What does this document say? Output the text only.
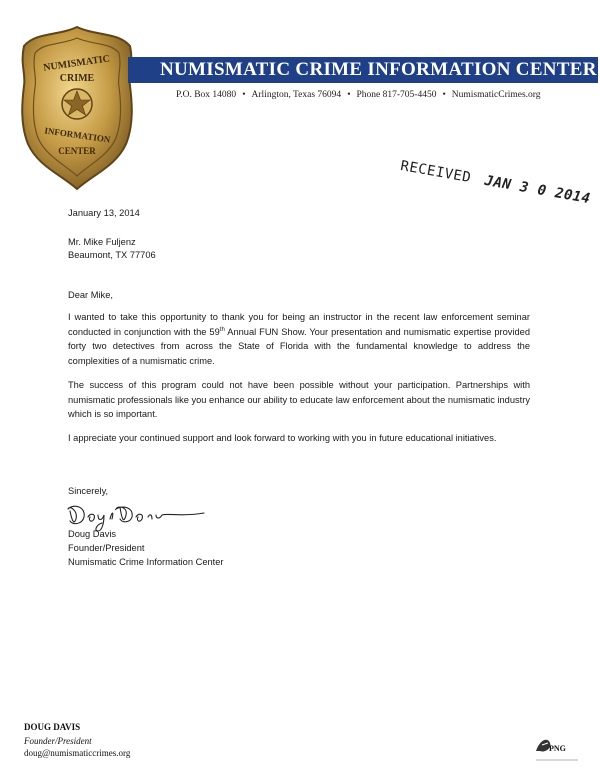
NUMISMATIC
CRIME
INFORMATION
CENTER
NUMISMATIC CRIME INFORMATION CENTER
P.O. Box 14080 • Arlington, Texas 76094 • Phone 817-705-4450 • NumismaticCrimes.org
RECEIVEDJAN 3 0 2014
January 13, 2014
Mr. Mike Fuljenz
Beaumont, TX 77706
Dear Mike,

I wanted to take this opportunity to thank you for being an instructor in the recent law enforcement seminar conducted in conjunction with the 59th Annual FUN Show. Your presentation and numismatic expertise provided forty two detectives from across the State of Florida with the fundamental knowledge to address the complexities of a numismatic crime.

The success of this program could not have been possible without your participation. Partnerships with numismatic professionals like you enhance our ability to educate law enforcement about the numismatic industry which is so important.

I appreciate your continued support and look forward to working with you in future educational initiatives.

Sincerely,
Doug Davis
Founder/President
Numismatic Crime Information Center
DOUG DAVIS
Founder/President
doug@numismaticcrimes.org	PNG
